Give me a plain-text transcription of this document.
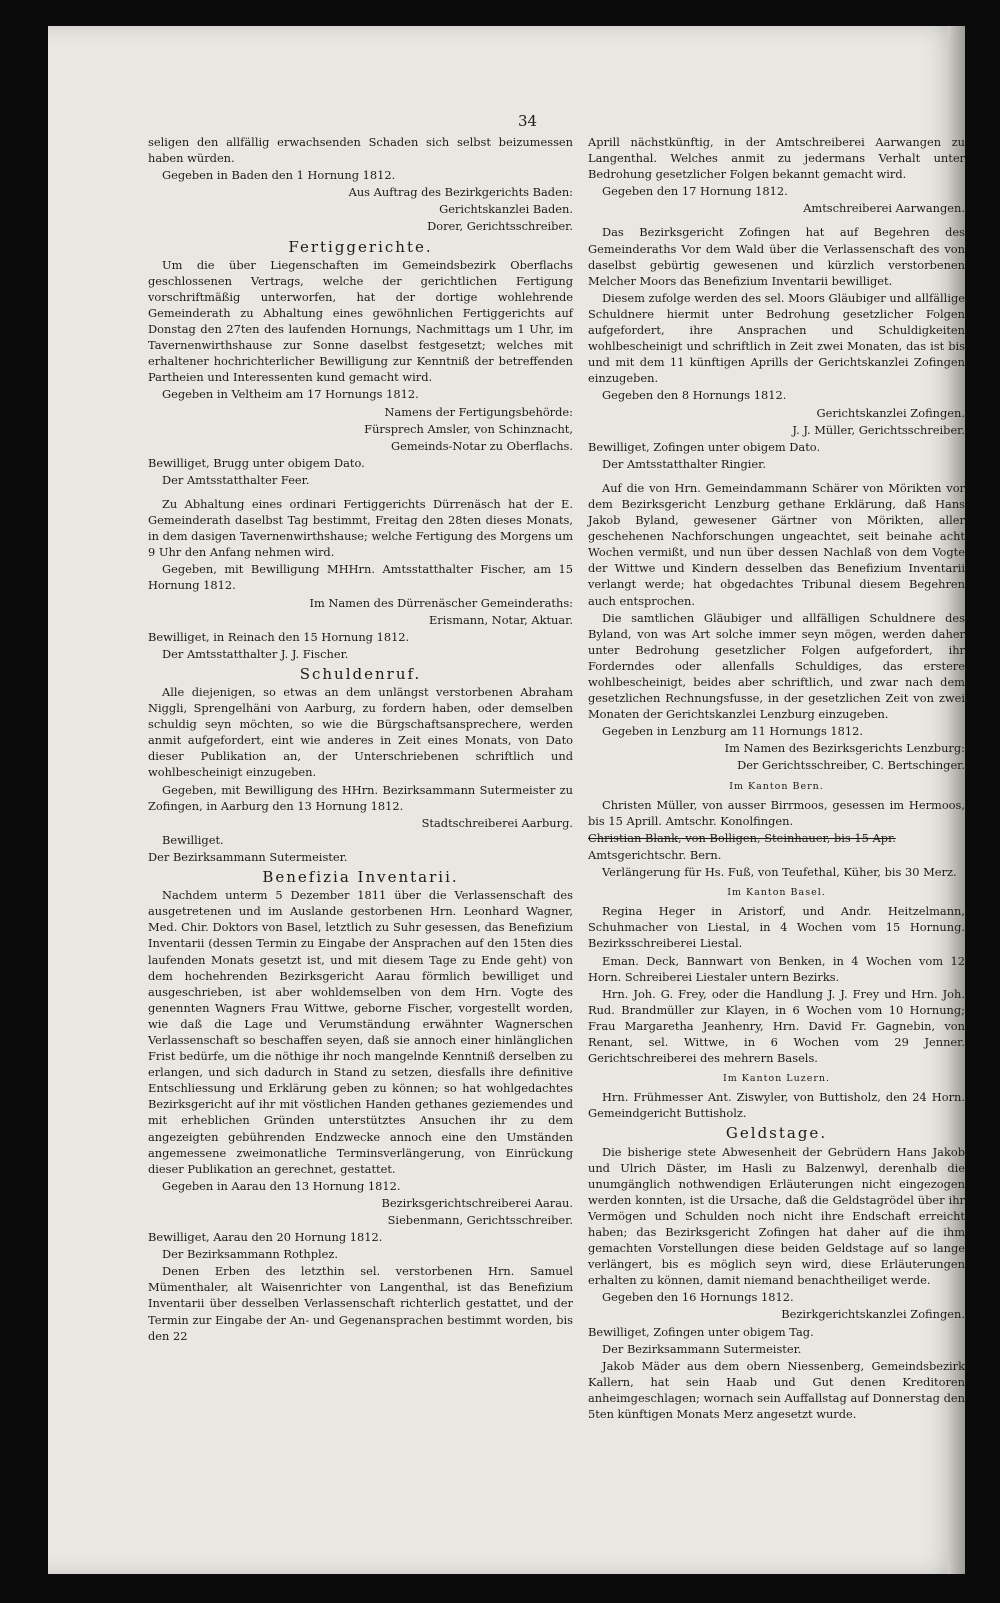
34

seligen den allfällig erwachsenden Schaden sich selbst beizumessen haben würden.

Gegeben in Baden den 1 Hornung 1812.

Aus Auftrag des Bezirkgerichts Baden:

Gerichtskanzlei Baden.

Dorer, Gerichtsschreiber.

Fertiggerichte.

Um die über Liegenschaften im Gemeindsbezirk Oberflachs geschlossenen Vertrags, welche der gerichtlichen Fertigung vorschriftmäßig unterworfen, hat der dortige wohlehrende Gemeinderath zu Abhaltung eines gewöhnlichen Fertiggerichts auf Donstag den 27ten des laufenden Hornungs, Nachmittags um 1 Uhr, im Tavernenwirthshause zur Sonne daselbst festgesetzt; welches mit erhaltener hochrichterlicher Bewilligung zur Kenntniß der betreffenden Partheien und Interessenten kund gemacht wird.

Gegeben in Veltheim am 17 Hornungs 1812.

Namens der Fertigungsbehörde:

Fürsprech Amsler, von Schinznacht,

Gemeinds-Notar zu Oberflachs.

Bewilliget, Brugg unter obigem Dato.

Der Amtsstatthalter Feer.

Zu Abhaltung eines ordinari Fertiggerichts Dürrenäsch hat der E. Gemeinderath daselbst Tag bestimmt, Freitag den 28ten dieses Monats, in dem dasigen Tavernenwirthshause; welche Fertigung des Morgens um 9 Uhr den Anfang nehmen wird.

Gegeben, mit Bewilligung MHHrn. Amtsstatthalter Fischer, am 15 Hornung 1812.

Im Namen des Dürrenäscher Gemeinderaths:

Erismann, Notar, Aktuar.

Bewilliget, in Reinach den 15 Hornung 1812.

Der Amtsstatthalter J. J. Fischer.

Schuldenruf.

Alle diejenigen, so etwas an dem unlängst verstorbenen Abraham Niggli, Sprengelhäni von Aarburg, zu fordern haben, oder demselben schuldig seyn möchten, so wie die Bürgschaftsansprechere, werden anmit aufgefordert, eint wie anderes in Zeit eines Monats, von Dato dieser Publikation an, der Unterschriebenen schriftlich und wohlbescheinigt einzugeben.

Gegeben, mit Bewilligung des HHrn. Bezirksammann Sutermeister zu Zofingen, in Aarburg den 13 Hornung 1812.

Stadtschreiberei Aarburg.

Bewilliget.

Der Bezirksammann Sutermeister.

Benefizia Inventarii.

Nachdem unterm 5 Dezember 1811 über die Verlassenschaft des ausgetretenen und im Auslande gestorbenen Hrn. Leonhard Wagner, Med. Chir. Doktors von Basel, letztlich zu Suhr gesessen, das Benefizium Inventarii (dessen Termin zu Eingabe der Ansprachen auf den 15ten dies laufenden Monats gesetzt ist, und mit diesem Tage zu Ende geht) von dem hochehrenden Bezirksgericht Aarau förmlich bewilliget und ausgeschrieben, ist aber wohldemselben von dem Hrn. Vogte des genennten Wagners Frau Wittwe, geborne Fischer, vorgestellt worden, wie daß die Lage und Verumständung erwähnter Wagnerschen Verlassenschaft so beschaffen seyen, daß sie annoch einer hinlänglichen Frist bedürfe, um die nöthige ihr noch mangelnde Kenntniß derselben zu erlangen, und sich dadurch in Stand zu setzen, diesfalls ihre definitive Entschliessung und Erklärung geben zu können; so hat wohlgedachtes Bezirksgericht auf ihr mit vöstlichen Handen gethanes geziemendes und mit erheblichen Gründen unterstütztes Ansuchen ihr zu dem angezeigten gebührenden Endzwecke annoch eine den Umständen angemessene zweimonatliche Terminsverlängerung, von Einrückung dieser Publikation an gerechnet, gestattet.

Gegeben in Aarau den 13 Hornung 1812.

Bezirksgerichtschreiberei Aarau.

Siebenmann, Gerichtsschreiber.

Bewilliget, Aarau den 20 Hornung 1812.

Der Bezirksammann Rothplez.

Denen Erben des letzthin sel. verstorbenen Hrn. Samuel Mümenthaler, alt Waisenrichter von Langenthal, ist das Benefizium Inventarii über desselben Verlassenschaft richterlich gestattet, und der Termin zur Eingabe der An- und Gegenansprachen bestimmt worden, bis den 22

Aprill nächstkünftig, in der Amtschreiberei Aarwangen zu Langenthal. Welches anmit zu jedermans Verhalt unter Bedrohung gesetzlicher Folgen bekannt gemacht wird.

Gegeben den 17 Hornung 1812.

Amtschreiberei Aarwangen.

Das Bezirksgericht Zofingen hat auf Begehren des Gemeinderaths Vor dem Wald über die Verlassenschaft des von daselbst gebürtig gewesenen und kürzlich verstorbenen Melcher Moors das Benefizium Inventarii bewilliget.

Diesem zufolge werden des sel. Moors Gläubiger und allfällige Schuldnere hiermit unter Bedrohung gesetzlicher Folgen aufgefordert, ihre Ansprachen und Schuldigkeiten wohlbescheinigt und schriftlich in Zeit zwei Monaten, das ist bis und mit dem 11 künftigen Aprills der Gerichtskanzlei Zofingen einzugeben.

Gegeben den 8 Hornungs 1812.

Gerichtskanzlei Zofingen.

J. J. Müller, Gerichtsschreiber.

Bewilliget, Zofingen unter obigem Dato.

Der Amtsstatthalter Ringier.

Auf die von Hrn. Gemeindammann Schärer von Mörikten vor dem Bezirksgericht Lenzburg gethane Erklärung, daß Hans Jakob Byland, gewesener Gärtner von Mörikten, aller geschehenen Nachforschungen ungeachtet, seit beinahe acht Wochen vermißt, und nun über dessen Nachlaß von dem Vogte der Wittwe und Kindern desselben das Benefizium Inventarii verlangt werde; hat obgedachtes Tribunal diesem Begehren auch entsprochen.

Die samtlichen Gläubiger und allfälligen Schuldnere des Byland, von was Art solche immer seyn mögen, werden daher unter Bedrohung gesetzlicher Folgen aufgefordert, ihr Forderndes oder allenfalls Schuldiges, das erstere wohlbescheinigt, beides aber schriftlich, und zwar nach dem gesetzlichen Rechnungsfusse, in der gesetzlichen Zeit von zwei Monaten der Gerichtskanzlei Lenzburg einzugeben.

Gegeben in Lenzburg am 11 Hornungs 1812.

Im Namen des Bezirksgerichts Lenzburg:

Der Gerichtsschreiber, C. Bertschinger.

Im Kanton Bern.

Christen Müller, von ausser Birrmoos, gesessen im Hermoos, bis 15 Aprill. Amtschr. Konolfingen.

Christian Blank, von Bolligen, Steinhauer, bis 15 Apr.

Amtsgerichtschr. Bern.

Verlängerung für Hs. Fuß, von Teufethal, Küher, bis 30 Merz.

Im Kanton Basel.

Regina Heger in Aristorf, und Andr. Heitzelmann, Schuhmacher von Liestal, in 4 Wochen vom 15 Hornung. Bezirksschreiberei Liestal.

Eman. Deck, Bannwart von Benken, in 4 Wochen vom 12 Horn. Schreiberei Liestaler untern Bezirks.

Hrn. Joh. G. Frey, oder die Handlung J. J. Frey und Hrn. Joh. Rud. Brandmüller zur Klayen, in 6 Wochen vom 10 Hornung; Frau Margaretha Jeanhenry, Hrn. David Fr. Gagnebin, von Renant, sel. Wittwe, in 6 Wochen vom 29 Jenner. Gerichtschreiberei des mehrern Basels.

Im Kanton Luzern.

Hrn. Frühmesser Ant. Ziswyler, von Buttisholz, den 24 Horn. Gemeindgericht Buttisholz.

Geldstage.

Die bisherige stete Abwesenheit der Gebrüdern Hans Jakob und Ulrich Däster, im Hasli zu Balzenwyl, derenhalb die unumgänglich nothwendigen Erläuterungen nicht eingezogen werden konnten, ist die Ursache, daß die Geldstagrödel über ihr Vermögen und Schulden noch nicht ihre Endschaft erreicht haben; das Bezirksgericht Zofingen hat daher auf die ihm gemachten Vorstellungen diese beiden Geldstage auf so lange verlängert, bis es möglich seyn wird, diese Erläuterungen erhalten zu können, damit niemand benachtheiliget werde.

Gegeben den 16 Hornungs 1812.

Bezirkgerichtskanzlei Zofingen.

Bewilliget, Zofingen unter obigem Tag.

Der Bezirksammann Sutermeister.

Jakob Mäder aus dem obern Niessenberg, Gemeindsbezirk Kallern, hat sein Haab und Gut denen Kreditoren anheimgeschlagen; wornach sein Auffallstag auf Donnerstag den 5ten künftigen Monats Merz angesetzt wurde.
